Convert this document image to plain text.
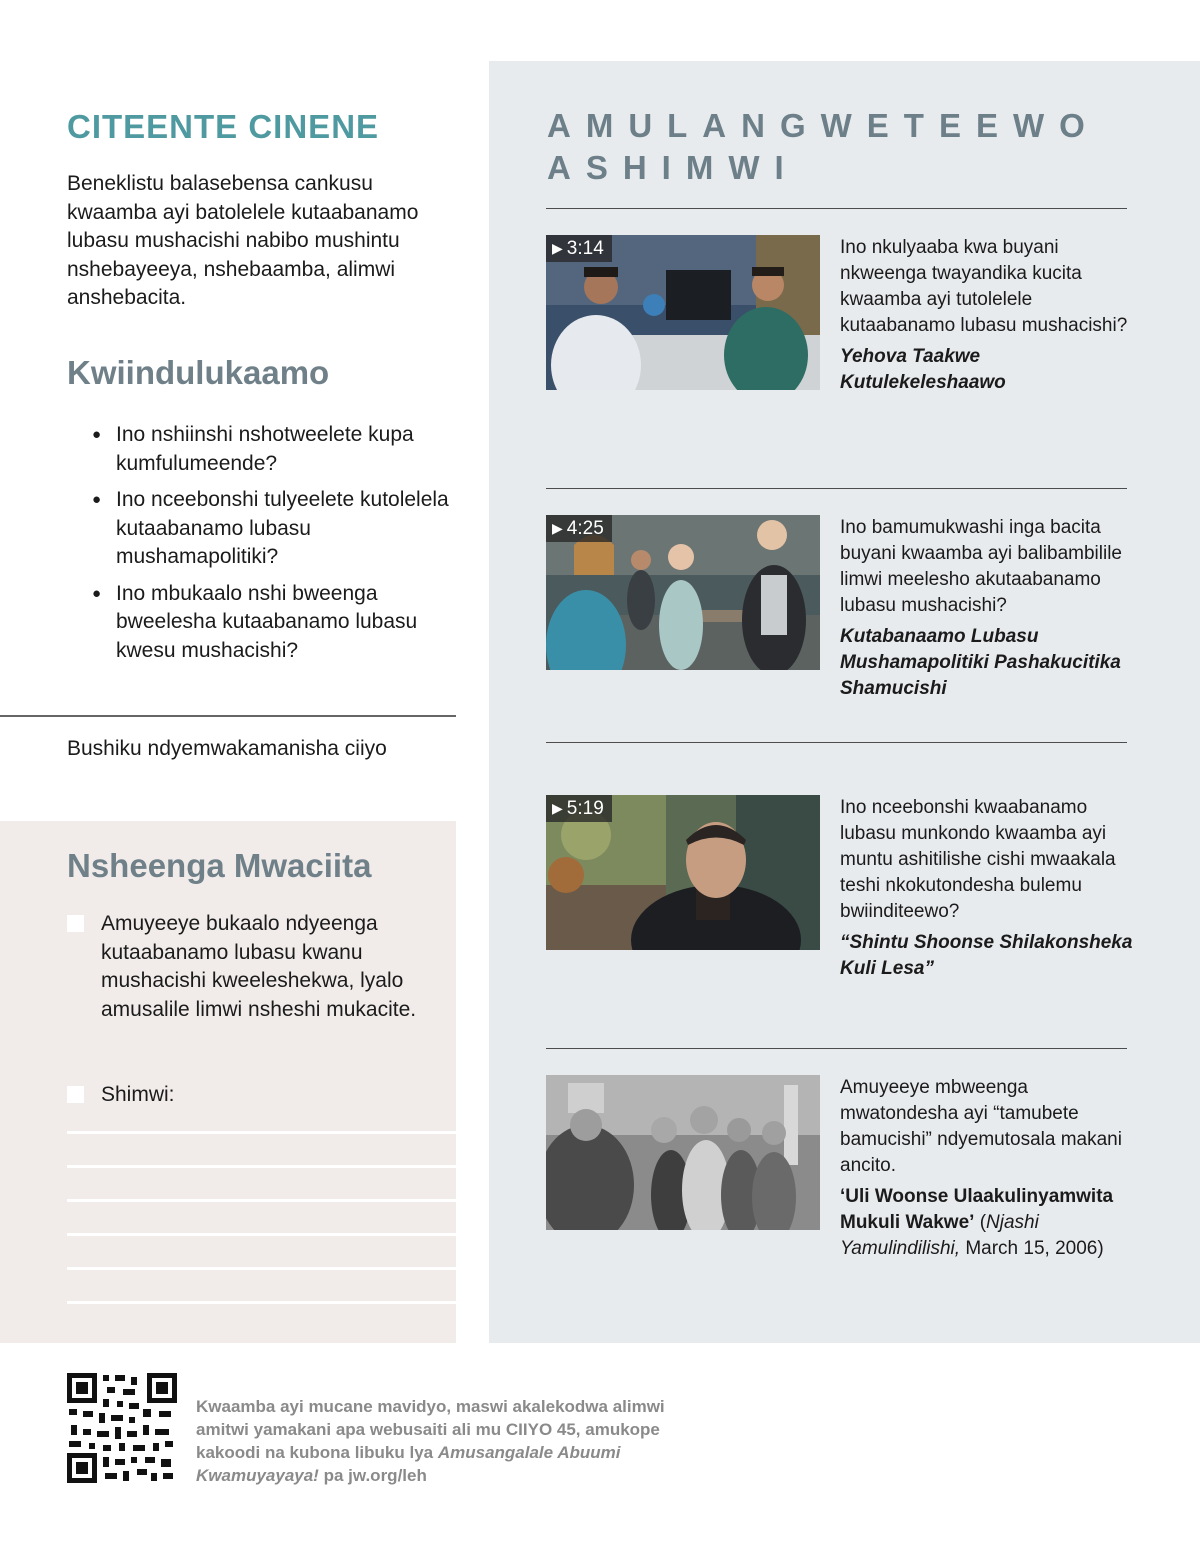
CITEENTE CINENE

Beneklistu balasebensa cankusu kwaamba ayi batolelele kutaabanamo lubasu mushacishi nabibo mushintu nshebayeeya, nshebaamba, alimwi anshebacita.

Kwiindulukaamo
● Ino nshiinshi nshotweelete kupa kumfulumeende?
● Ino nceebonshi tulyeelete kutolelela kutaabanamo lubasu mushamapolitiki?
● Ino mbukaalo nshi bweenga bweelesha kutaabanamo lubasu kwesu mushacishi?
Bushiku ndyemwakamanisha ciiyo
Nsheenga Mwaciita
Amuyeeye bukaalo ndyeenga kutaabanamo lubasu kwanu mushacishi kweeleshekwa, lyalo amusalile limwi nsheshi mukacite.
Shimwi:
AMULANGWETEEWO ASHIMWI
▶ 3:14	Ino nkulyaaba kwa buyani nkweenga twayandika kucita kwaamba ayi tutolelele kutaabanamo lubasu mushacishi?
Yehova Taakwe Kutulekeleshaawo
▶ 4:25	Ino bamumukwashi inga bacita buyani kwaamba ayi balibambilile limwi meelesho akutaabanamo lubasu mushacishi?
Kutabanaamo Lubasu Mushamapolitiki Pashakucitika Shamucishi
▶ 5:19	Ino nceebonshi kwaabanamo lubasu munkondo kwaamba ayi muntu ashitilishe cishi mwaakala teshi nkokutondesha bulemu bwiinditeewo?
“Shintu Shoonse Shilakonsheka Kuli Lesa”
Amuyeeye mbweenga mwatondesha ayi “tamubete bamucishi” ndyemutosala makani ancito.
‘Uli Woonse Ulaakulinyamwita Mukuli Wakwe’ (Njashi Yamulindilishi, March 15, 2006)

Kwaamba ayi mucane mavidyo, maswi akalekodwa alimwi amitwi yamakani apa webusaiti ali mu CIIYO 45, amukope kakoodi na kubona libuku lya Amusangalale Abuumi Kwamuyayaya! pa jw.org/leh
